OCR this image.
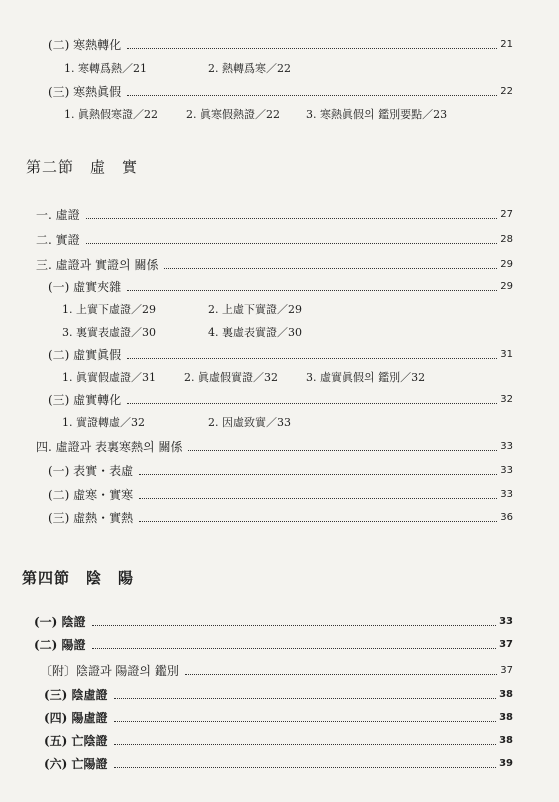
(二) 寒熱轉化	21
1. 寒轉爲熱／21	2. 熱轉爲寒／22
(三) 寒熱眞假	22
1. 眞熱假寒證／22	2. 眞寒假熱證／22 3. 寒熱眞假의 鑑別要點／23
第二節　虛　實
一. 虛證	27
二. 實證	28
三. 虛證과 實證의 關係	29
(一) 虛實夾雜	29
1. 上實下虛證／29	2. 上虛下實證／29
3. 裏實表虛證／30	4. 裏虛表實證／30
(二) 虛實眞假	31
1. 眞實假虛證／31	2. 眞虛假實證／32	3. 虛實眞假의 鑑別／32
(三) 虛實轉化	32
1. 實證轉虛／32	2. 因虛致實／33
四. 虛證과 表裏寒熱의 關係	33
(一) 表實・表虛	33
(二) 虛寒・實寒	33
(三) 虛熱・實熱	36
第四節　陰　陽
(一) 陰證	33
(二) 陽證	37
〔附〕陰證과 陽證의 鑑別	37
(三) 陰虛證	38
(四) 陽虛證	38
(五) 亡陰證	38
(六) 亡陽證	39
